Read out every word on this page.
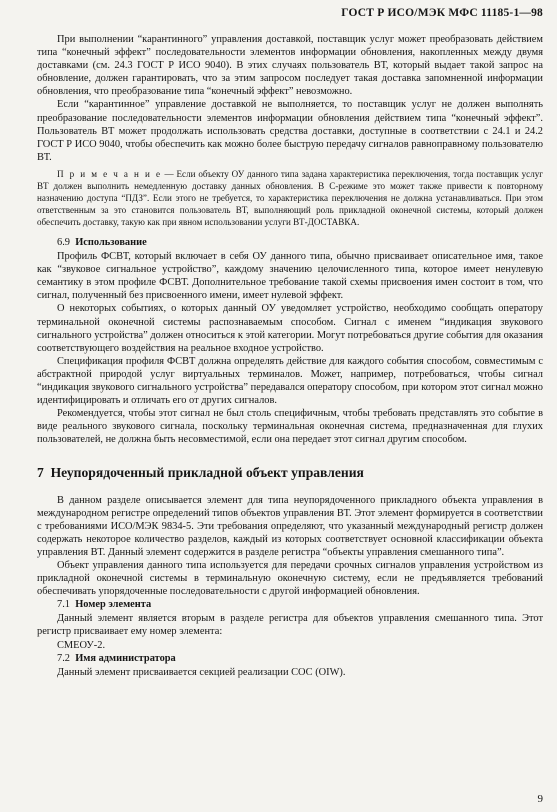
ГОСТ Р ИСО/МЭК МФС 11185-1—98

При выполнении “карантинного” управления доставкой, поставщик услуг может преобразовать действием типа “конечный эффект” последовательности элементов информации обновления, накопленных между двумя доставками (см. 24.3 ГОСТ Р ИСО 9040). В этих случаях пользователь ВТ, который выдает такой запрос на обновление, должен гарантировать, что за этим запросом последует такая доставка запомненной информации обновления, что преобразование типа “конечный эффект” невозможно.

Если “карантинное” управление доставкой не выполняется, то поставщик услуг не должен выполнять преобразование последовательности элементов информации обновления действием типа “конечный эффект”. Пользователь ВТ может продолжать использовать средства доставки, доступные в соответствии с 24.1 и 24.2 ГОСТ Р ИСО 9040, чтобы обеспечить как можно более быструю передачу сигналов равноправному пользователю ВТ.

П р и м е ч а н и е — Если объекту ОУ данного типа задана характеристика переключения, тогда поставщик услуг ВТ должен выполнить немедленную доставку данных обновления. В С-режиме это может также привести к повторному назначению доступа “ПДЗ”. Если этого не требуется, то характеристика переключения не должна устанавливаться. При этом ответственным за это становится пользователь ВТ, выполняющий роль прикладной оконечной системы, который должен обеспечить доставку, такую как при явном использовании услуги ВТ-ДОСТАВКА.

6.9 Использование

Профиль ФСВТ, который включает в себя ОУ данного типа, обычно присваивает описательное имя, такое как “звуковое сигнальное устройство”, каждому значению целочисленного типа, которое имеет ненулевую семантику в этом профиле ФСВТ. Дополнительное требование такой схемы присвоения имен состоит в том, что сигнал, полученный без присвоенного имени, имеет нулевой эффект.

О некоторых событиях, о которых данный ОУ уведомляет устройство, необходимо сообщать оператору терминальной оконечной системы распознаваемым способом. Сигнал с именем “индикация звукового сигнального устройства” должен относиться к этой категории. Могут потребоваться другие события для оказания соответствующего воздействия на реальное входное устройство.

Спецификация профиля ФСВТ должна определять действие для каждого события способом, совместимым с абстрактной природой услуг виртуальных терминалов. Может, например, потребоваться, чтобы сигнал “индикация звукового сигнального устройства” передавался оператору способом, при котором этот сигнал можно идентифицировать и отличать его от других сигналов.

Рекомендуется, чтобы этот сигнал не был столь специфичным, чтобы требовать представлять это событие в виде реального звукового сигнала, поскольку терминальная оконечная система, предназначенная для глухих пользователей, не должна быть несовместимой, если она передает этот сигнал другим способом.

7 Неупорядоченный прикладной объект управления

В данном разделе описывается элемент для типа неупорядоченного прикладного объекта управления в международном регистре определений типов объектов управления ВТ. Этот элемент формируется в соответствии с требованиями ИСО/МЭК 9834-5. Эти требования определяют, что указанный международный регистр должен содержать некоторое количество разделов, каждый из которых соответствует основной классификации объекта управления ВТ. Данный элемент содержится в разделе регистра “объекты управления смешанного типа”.

Объект управления данного типа используется для передачи срочных сигналов управления устройством из прикладной оконечной системы в терминальную оконечную систему, если не предъявляется требований обеспечивать упорядоченные последовательности с другой информацией обновления.

7.1 Номер элемента

Данный элемент является вторым в разделе регистра для объектов управления смешанного типа. Этот регистр присваивает ему номер элемента:

СМЕОУ-2.

7.2 Имя администратора

Данный элемент присваивается секцией реализации СОС (OIW).

9
